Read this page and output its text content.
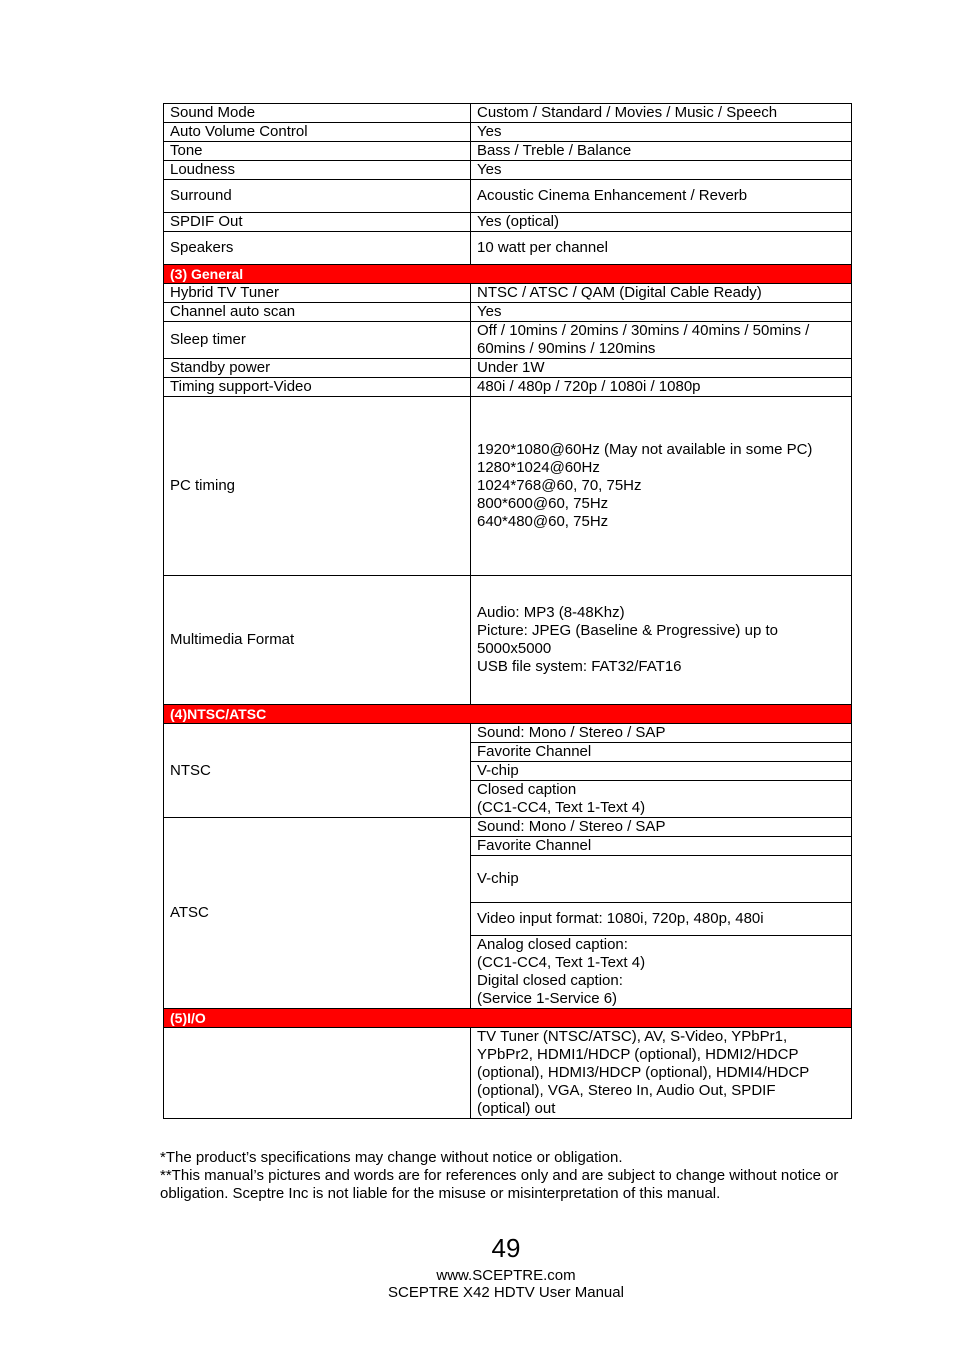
Sound Mode	Custom / Standard / Movies / Music / Speech
Auto Volume Control	Yes
Tone	Bass / Treble / Balance
Loudness	Yes
Surround	Acoustic Cinema Enhancement / Reverb
SPDIF Out	Yes (optical)
Speakers	10 watt per channel
(3) General	
Hybrid TV Tuner	NTSC / ATSC / QAM (Digital Cable Ready)
Channel auto scan	Yes
Sleep timer	Off / 10mins / 20mins / 30mins / 40mins / 50mins /
60mins / 90mins / 120mins
Standby power	Under 1W
Timing support-Video	480i / 480p / 720p / 1080i / 1080p
PC timing	1920*1080@60Hz (May not available in some PC)
1280*1024@60Hz
1024*768@60, 70, 75Hz
800*600@60, 75Hz
640*480@60, 75Hz
Multimedia Format	Audio: MP3 (8-48Khz)
Picture: JPEG (Baseline & Progressive) up to
5000x5000
USB file system: FAT32/FAT16
(4)NTSC/ATSC	
NTSC	Sound: Mono / Stereo / SAP
	Favorite Channel
	V-chip
	Closed caption
(CC1-CC4, Text 1-Text 4)
ATSC	Sound: Mono / Stereo / SAP
	Favorite Channel
	V-chip
	Video input format: 1080i, 720p, 480p, 480i
	Analog closed caption:
(CC1-CC4, Text 1-Text 4)
Digital closed caption:
(Service 1-Service 6)
(5)I/O	
	TV Tuner (NTSC/ATSC), AV, S-Video, YPbPr1,
YPbPr2, HDMI1/HDCP (optional), HDMI2/HDCP
(optional), HDMI3/HDCP (optional), HDMI4/HDCP
(optional), VGA, Stereo In, Audio Out, SPDIF
(optical) out
*The product’s specifications may change without notice or obligation.
**This manual’s pictures and words are for references only and are subject to change without notice or obligation. Sceptre Inc is not liable for the misuse or misinterpretation of this manual.
49
www.SCEPTRE.com
SCEPTRE X42 HDTV User Manual
